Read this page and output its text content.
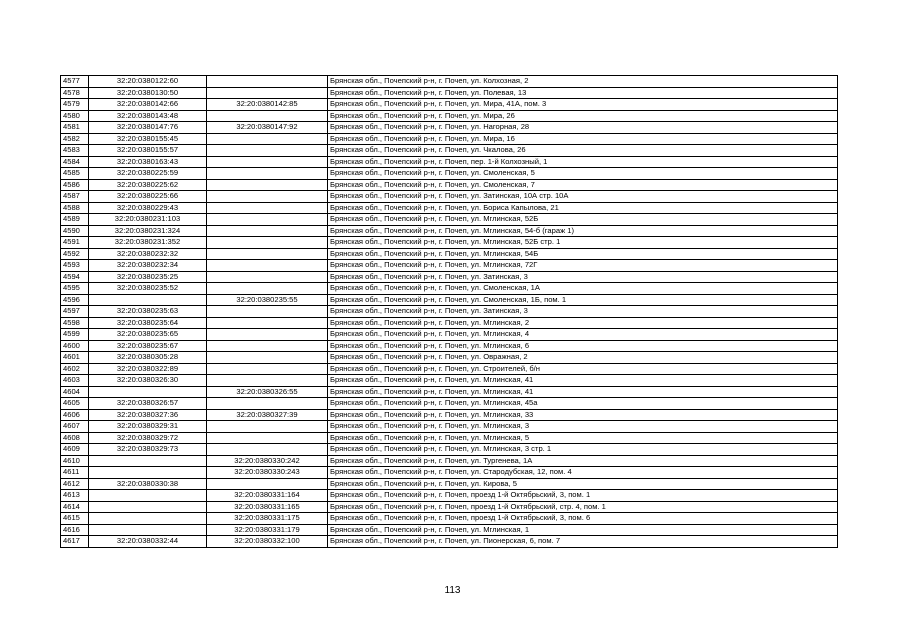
4577	32:20:0380122:60		Брянская обл., Почепский р-н, г. Почеп, ул. Колхозная, 2
4578	32:20:0380130:50		Брянская обл., Почепский р-н, г. Почеп, ул. Полевая, 13
4579	32:20:0380142:66	32:20:0380142:85	Брянская обл., Почепский р-н, г. Почеп, ул. Мира, 41А, пом. 3
4580	32:20:0380143:48		Брянская обл., Почепский р-н, г. Почеп, ул. Мира, 26
4581	32:20:0380147:76	32:20:0380147:92	Брянская обл., Почепский р-н, г. Почеп, ул. Нагорная, 28
4582	32:20:0380155:45		Брянская обл., Почепский р-н, г. Почеп, ул. Мира, 16
4583	32:20:0380155:57		Брянская обл., Почепский р-н, г. Почеп, ул. Чкалова, 26
4584	32:20:0380163:43		Брянская обл., Почепский р-н, г. Почеп, пер. 1-й Колхозный, 1
4585	32:20:0380225:59		Брянская обл., Почепский р-н, г. Почеп, ул. Смоленская, 5
4586	32:20:0380225:62		Брянская обл., Почепский р-н, г. Почеп, ул. Смоленская, 7
4587	32:20:0380225:66		Брянская обл., Почепский р-н, г. Почеп, ул. Затинская, 10А стр. 10А
4588	32:20:0380229:43		Брянская обл., Почепский р-н, г. Почеп, ул. Бориса Капылова, 21
4589	32:20:0380231:103		Брянская обл., Почепский р-н, г. Почеп, ул. Мглинская, 52Б
4590	32:20:0380231:324		Брянская обл., Почепский р-н, г. Почеп, ул. Мглинская, 54-б (гараж 1)
4591	32:20:0380231:352		Брянская обл., Почепский р-н, г. Почеп, ул. Мглинская, 52Б стр. 1
4592	32:20:0380232:32		Брянская обл., Почепский р-н, г. Почеп, ул. Мглинская, 54Б
4593	32:20:0380232:34		Брянская обл., Почепский р-н, г. Почеп, ул. Мглинская, 72Г
4594	32:20:0380235:25		Брянская обл., Почепский р-н, г. Почеп, ул. Затинская, 3
4595	32:20:0380235:52		Брянская обл., Почепский р-н, г. Почеп, ул. Смоленская, 1А
4596		32:20:0380235:55	Брянская обл., Почепский р-н, г. Почеп, ул. Смоленская, 1Б, пом. 1
4597	32:20:0380235:63		Брянская обл., Почепский р-н, г. Почеп, ул. Затинская, 3
4598	32:20:0380235:64		Брянская обл., Почепский р-н, г. Почеп, ул. Мглинская, 2
4599	32:20:0380235:65		Брянская обл., Почепский р-н, г. Почеп, ул. Мглинская, 4
4600	32:20:0380235:67		Брянская обл., Почепский р-н, г. Почеп, ул. Мглинская, 6
4601	32:20:0380305:28		Брянская обл., Почепский р-н, г. Почеп, ул. Овражная, 2
4602	32:20:0380322:89		Брянская обл., Почепский р-н, г. Почеп, ул. Строителей, б/н
4603	32:20:0380326:30		Брянская обл., Почепский р-н, г. Почеп, ул. Мглинская, 41
4604		32:20:0380326:55	Брянская обл., Почепский р-н, г. Почеп, ул. Мглинская, 41
4605	32:20:0380326:57		Брянская обл., Почепский р-н, г. Почеп, ул. Мглинская, 45а
4606	32:20:0380327:36	32:20:0380327:39	Брянская обл., Почепский р-н, г. Почеп, ул. Мглинская, 33
4607	32:20:0380329:31		Брянская обл., Почепский р-н, г. Почеп, ул. Мглинская, 3
4608	32:20:0380329:72		Брянская обл., Почепский р-н, г. Почеп, ул. Мглинская, 5
4609	32:20:0380329:73		Брянская обл., Почепский р-н, г. Почеп, ул. Мглинская, 3 стр. 1
4610		32:20:0380330:242	Брянская обл., Почепский р-н, г. Почеп, ул. Тургенева, 1А
4611		32:20:0380330:243	Брянская обл., Почепский р-н, г. Почеп, ул. Стародубская, 12, пом. 4
4612	32:20:0380330:38		Брянская обл., Почепский р-н, г. Почеп, ул. Кирова, 5
4613		32:20:0380331:164	Брянская обл., Почепский р-н, г. Почеп, проезд 1-й Октябрьский, 3, пом. 1
4614		32:20:0380331:165	Брянская обл., Почепский р-н, г. Почеп, проезд 1-й Октябрьский, стр. 4, пом. 1
4615		32:20:0380331:175	Брянская обл., Почепский р-н, г. Почеп, проезд 1-й Октябрьский, 3, пом. 6
4616		32:20:0380331:179	Брянская обл., Почепский р-н, г. Почеп, ул. Мглинская, 1
4617	32:20:0380332:44	32:20:0380332:100	Брянская обл., Почепский р-н, г. Почеп, ул. Пионерская, 6, пом. 7
113
